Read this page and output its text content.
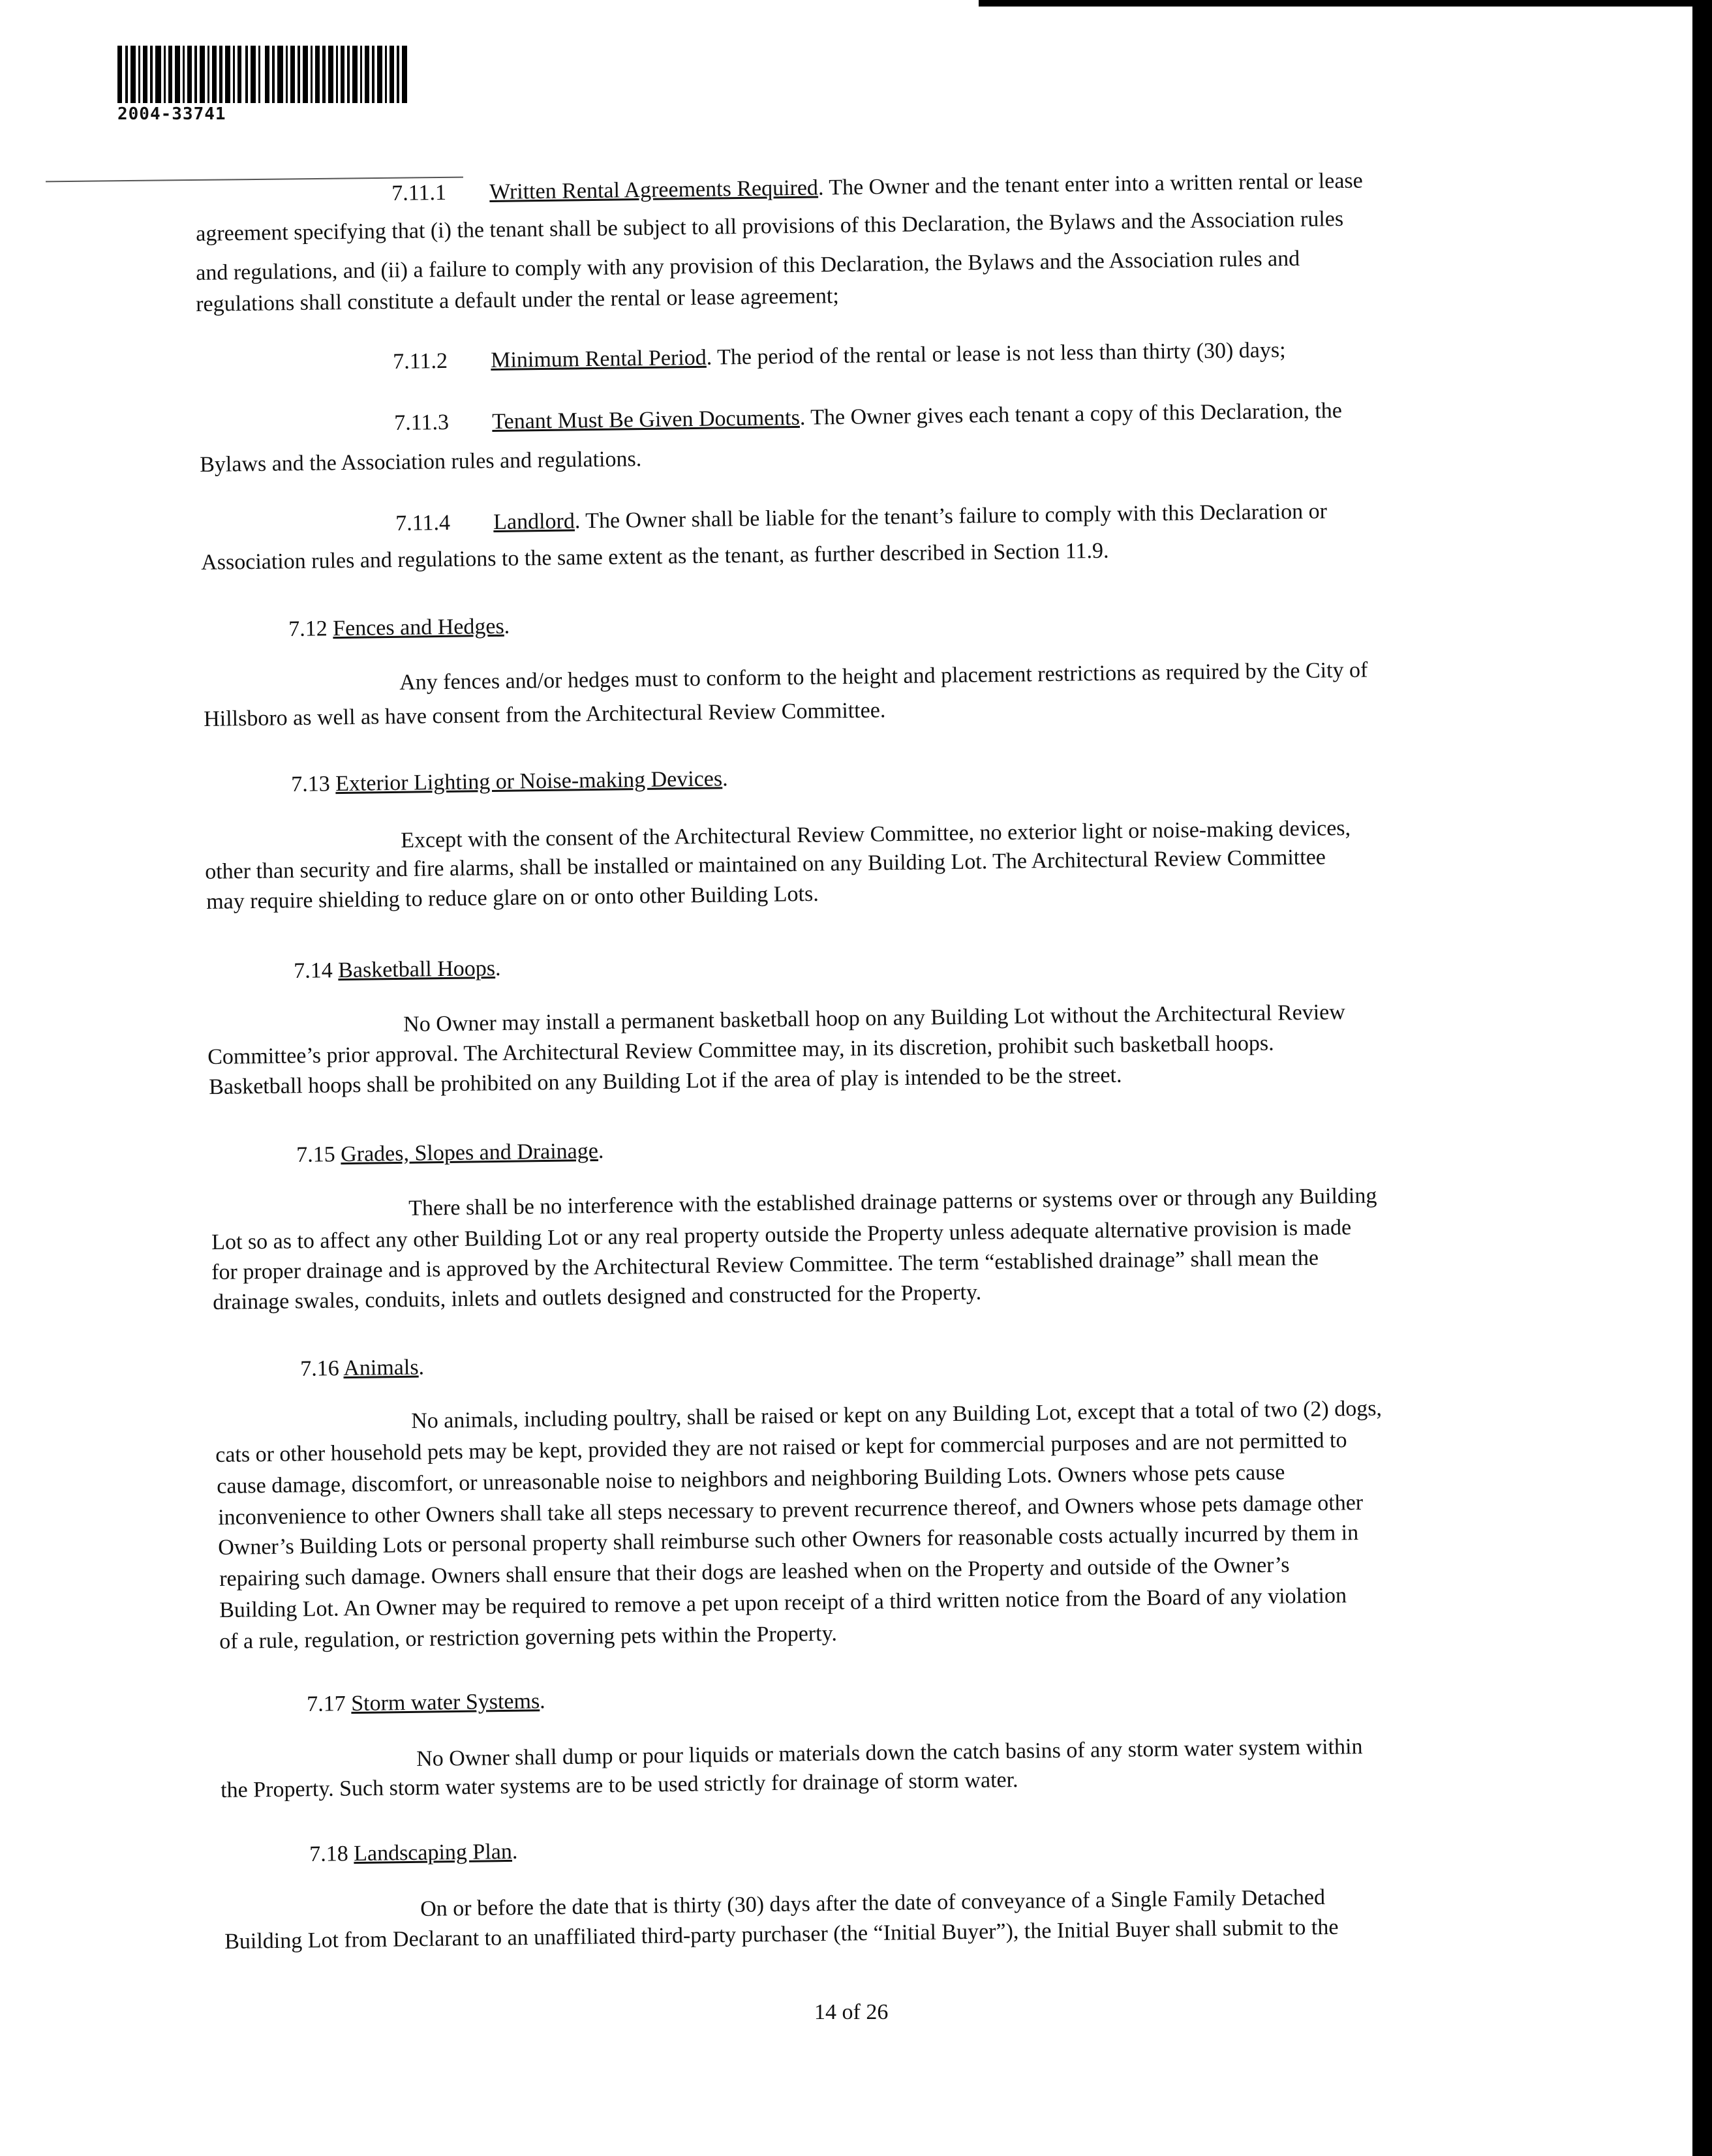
2004-33741
7.11.1 Written Rental Agreements Required. The Owner and the tenant enter into a written rental or lease
agreement specifying that (i) the tenant shall be subject to all provisions of this Declaration, the Bylaws and the Association rules
and regulations, and (ii) a failure to comply with any provision of this Declaration, the Bylaws and the Association rules and
regulations shall constitute a default under the rental or lease agreement;
7.11.2 Minimum Rental Period. The period of the rental or lease is not less than thirty (30) days;
7.11.3 Tenant Must Be Given Documents. The Owner gives each tenant a copy of this Declaration, the
Bylaws and the Association rules and regulations.
7.11.4 Landlord. The Owner shall be liable for the tenant’s failure to comply with this Declaration or
Association rules and regulations to the same extent as the tenant, as further described in Section 11.9.
7.12 Fences and Hedges.
Any fences and/or hedges must to conform to the height and placement restrictions as required by the City of
Hillsboro as well as have consent from the Architectural Review Committee.
7.13 Exterior Lighting or Noise-making Devices.
Except with the consent of the Architectural Review Committee, no exterior light or noise-making devices,
other than security and fire alarms, shall be installed or maintained on any Building Lot. The Architectural Review Committee
may require shielding to reduce glare on or onto other Building Lots.
7.14 Basketball Hoops.
No Owner may install a permanent basketball hoop on any Building Lot without the Architectural Review
Committee’s prior approval. The Architectural Review Committee may, in its discretion, prohibit such basketball hoops.
Basketball hoops shall be prohibited on any Building Lot if the area of play is intended to be the street.
7.15 Grades, Slopes and Drainage.
There shall be no interference with the established drainage patterns or systems over or through any Building
Lot so as to affect any other Building Lot or any real property outside the Property unless adequate alternative provision is made
for proper drainage and is approved by the Architectural Review Committee. The term “established drainage” shall mean the
drainage swales, conduits, inlets and outlets designed and constructed for the Property.
7.16 Animals.
No animals, including poultry, shall be raised or kept on any Building Lot, except that a total of two (2) dogs,
cats or other household pets may be kept, provided they are not raised or kept for commercial purposes and are not permitted to
cause damage, discomfort, or unreasonable noise to neighbors and neighboring Building Lots. Owners whose pets cause
inconvenience to other Owners shall take all steps necessary to prevent recurrence thereof, and Owners whose pets damage other
Owner’s Building Lots or personal property shall reimburse such other Owners for reasonable costs actually incurred by them in
repairing such damage. Owners shall ensure that their dogs are leashed when on the Property and outside of the Owner’s
Building Lot. An Owner may be required to remove a pet upon receipt of a third written notice from the Board of any violation
of a rule, regulation, or restriction governing pets within the Property.
7.17 Storm water Systems.
No Owner shall dump or pour liquids or materials down the catch basins of any storm water system within
the Property. Such storm water systems are to be used strictly for drainage of storm water.
7.18 Landscaping Plan.
On or before the date that is thirty (30) days after the date of conveyance of a Single Family Detached
Building Lot from Declarant to an unaffiliated third-party purchaser (the “Initial Buyer”), the Initial Buyer shall submit to the
14 of 26
